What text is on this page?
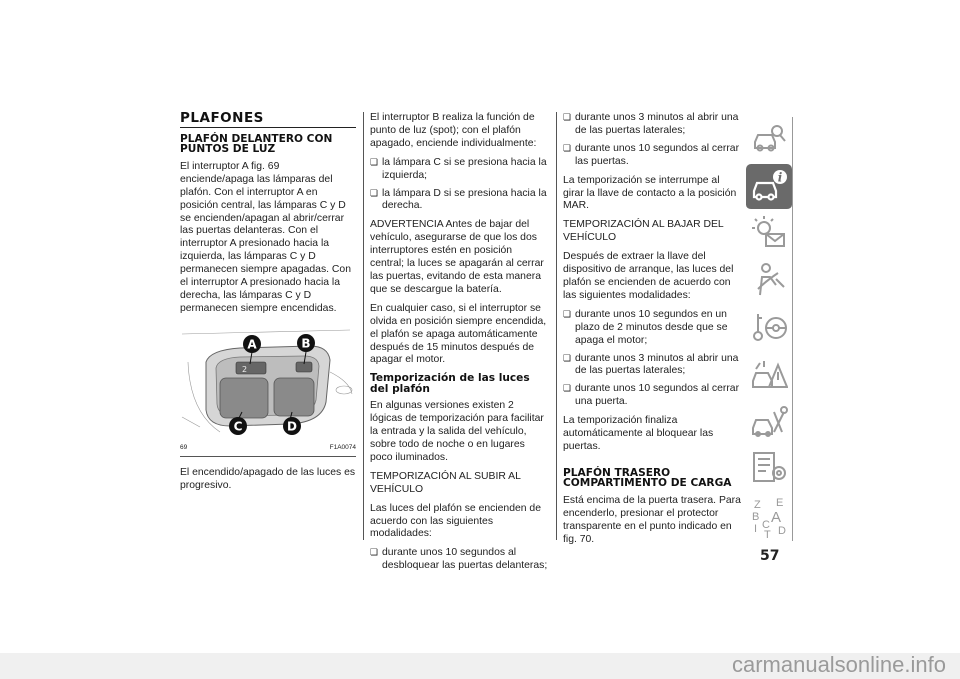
PLAFONES
PLAFÓN DELANTERO CON PUNTOS DE LUZ

El interruptor A fig. 69 enciende/apaga las lámparas del plafón. Con el interruptor A en posición central, las lámparas C y D se encienden/apagan al abrir/cerrar las puertas delanteras. Con el interruptor A presionado hacia la izquierda, las lámparas C y D permanecen siempre apagadas. Con el interruptor A presionado hacia la derecha, las lámparas C y D permanecen siempre encendidas.

2
A	B
C	D
69	F1A0074

El encendido/apagado de las luces es progresivo.

El interruptor B realiza la función de punto de luz (spot); con el plafón apagado, enciende individualmente:

❏ la lámpara C si se presiona hacia la izquierda;
❏ la lámpara D si se presiona hacia la derecha.

ADVERTENCIA Antes de bajar del vehículo, asegurarse de que los dos interruptores estén en posición central; la luces se apagarán al cerrar las puertas, evitando de esta manera que se descargue la batería.

En cualquier caso, si el interruptor se olvida en posición siempre encendida, el plafón se apaga automáticamente después de 15 minutos después de apagar el motor.

Temporización de las luces del plafón

En algunas versiones existen 2 lógicas de temporización para facilitar la entrada y la salida del vehículo, sobre todo de noche o en lugares poco iluminados.

TEMPORIZACIÓN AL SUBIR AL VEHÍCULO

Las luces del plafón se encienden de acuerdo con las siguientes modalidades:

❏ durante unos 10 segundos al desbloquear las puertas delanteras;
❏ durante unos 3 minutos al abrir una de las puertas laterales;
❏ durante unos 10 segundos al cerrar las puertas.

La temporización se interrumpe al girar la llave de contacto a la posición MAR.

TEMPORIZACIÓN AL BAJAR DEL VEHÍCULO

Después de extraer la llave del dispositivo de arranque, las luces del plafón se encienden de acuerdo con las siguientes modalidades:

❏ durante unos 10 segundos en un plazo de 2 minutos desde que se apaga el motor;
❏ durante unos 3 minutos al abrir una de las puertas laterales;
❏ durante unos 10 segundos al cerrar una puerta.

La temporización finaliza automáticamente al bloquear las puertas.

PLAFÓN TRASERO COMPARTIMENTO DE CARGA

Está encima de la puerta trasera. Para encenderlo, presionar el protector transparente en el punto indicado en fig. 70.

i
Z E
B A
I C
T D
57
carmanualsonline.info
